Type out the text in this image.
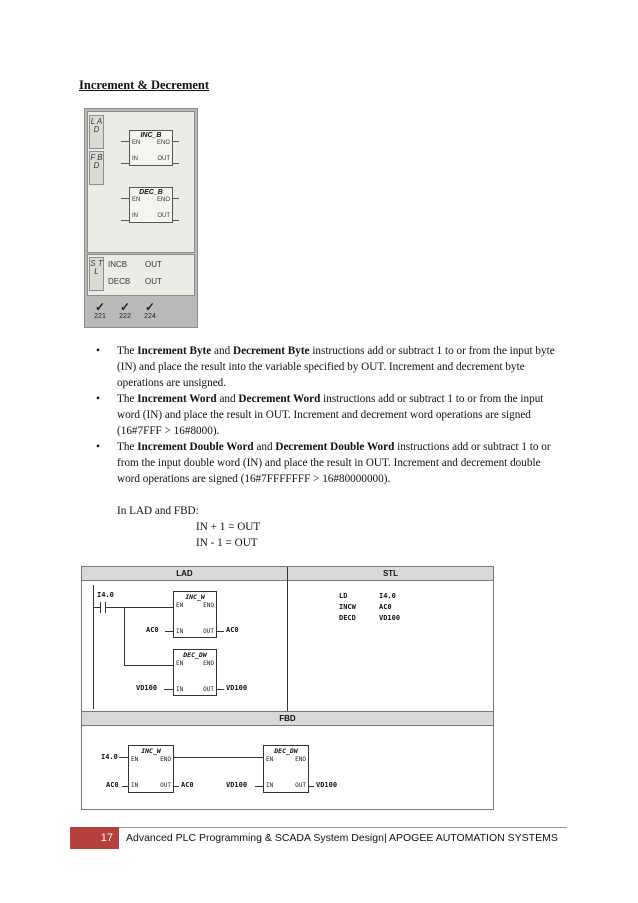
Increment & Decrement
L A D
F B D
INC_B
EN	ENO
IN	OUT
DEC_B
EN	ENO
IN	OUT
S T L
INCB OUT
DECB OUT
✓
221
✓
222
✓
224
• The Increment Byte and Decrement Byte instructions add or subtract 1 to or from the input byte (IN) and place the result into the variable specified by OUT. Increment and decrement byte operations are unsigned.
• The Increment Word and Decrement Word instructions add or subtract 1 to or from the input word (IN) and place the result in OUT. Increment and decrement word operations are signed (16#7FFF > 16#8000).
• The Increment Double Word and Decrement Double Word instructions add or subtract 1 to or from the input double word (IN) and place the result in OUT. Increment and decrement double word operations are signed (16#7FFFFFFF > 16#80000000).
In LAD and FBD:
IN + 1 = OUT
IN - 1 = OUT
LAD	STL
I4.0	INC_W
EN	ENO
IN	OUT
AC0	AC0
DEC_DW
EN	ENO
IN	OUT
VD100	VD100
LD	I4.0
INCW	AC0
DECD	VD100
FBD
I4.0
INC_W
EN	ENO
IN	OUT
AC0	AC0
DEC_DW
EN	ENO
IN	OUT
VD100	VD100
17	Advanced PLC Programming & SCADA System Design| APOGEE AUTOMATION SYSTEMS
